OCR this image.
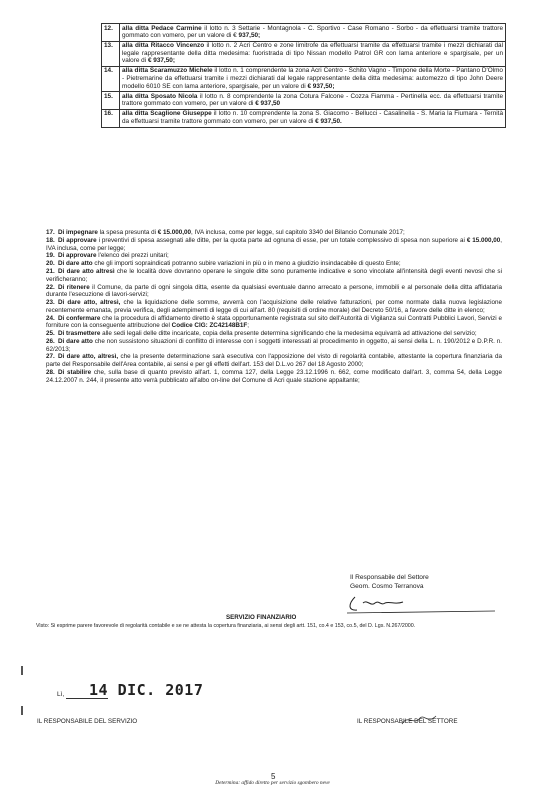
12.	alla ditta Pedace Carmine il lotto n. 3 Settarie - Montagnola - C. Sportivo - Case Romano - Sorbo - da effettuarsi tramite trattore gommato con vomero, per un valore di € 937,50;
13.	alla ditta Ritacco Vincenzo il lotto n. 2 Acri Centro e zone limitrofe da effettuarsi tramite da effettuarsi tramite i mezzi dichiarati dal legale rappresentante della ditta medesima: fuoristrada di tipo Nissan modello Patrol GR con lama anteriore e spargisale, per un valore di € 937,50;
14.	alla ditta Scaramuzzo Michele il lotto n. 1 comprendente la zona Acri Centro - Schito Vagno - Timpone della Morte - Pantano D'Olmo - Pietremarine da effettuarsi tramite i mezzi dichiarati dal legale rappresentante della ditta medesima: automezzo di tipo John Deere modello 6010 SE con lama anteriore, spargisale, per un valore di € 937,50;
15.	alla ditta Sposato Nicola il lotto n. 8 comprendente la zona Cotura Falcone - Cozza Fiamma - Pertinella ecc. da effettuarsi tramite trattore gommato con vomero, per un valore di € 937,50
16.	alla ditta Scaglione Giuseppe il lotto n. 10 comprendente la zona S. Giacomo - Bellucci - Casalinella - S. Maria la Fiumara - Ternità da effettuarsi tramite trattore gommato con vomero, per un valore di € 937,50.
17. Di impegnare la spesa presunta di € 15.000,00, IVA inclusa, come per legge, sul capitolo 3340 del Bilancio Comunale 2017;
18. Di approvare i preventivi di spesa assegnati alle ditte, per la quota parte ad ognuna di esse, per un totale complessivo di spesa non superiore ai € 15.000,00, IVA inclusa, come per legge;
19. Di approvare l'elenco dei prezzi unitari;
20. Di dare atto che gli importi sopraindicati potranno subire variazioni in più o in meno a giudizio insindacabile di questo Ente;
21. Di dare atto altresì che le località dove dovranno operare le singole ditte sono puramente indicative e sono vincolate all'intensità degli eventi nevosi che si verificheranno;
22. Di ritenere il Comune, da parte di ogni singola ditta, esente da qualsiasi eventuale danno arrecato a persone, immobili e al personale della ditta affidataria durante l'esecuzione di lavori-servizi;
23. Di dare atto, altresì, che la liquidazione delle somme, avverrà con l'acquisizione delle relative fatturazioni, per come normate dalla nuova legislazione recentemente emanata, previa verifica, degli adempimenti di legge di cui all'art. 80 (requisiti di ordine morale) del Decreto 50/16, a favore delle ditte in elenco;
24. Di confermare che la procedura di affidamento diretto è stata opportunamente registrata sul sito dell'Autorità di Vigilanza sui Contratti Pubblici Lavori, Servizi e forniture con la conseguente attribuzione del Codice CIG: ZC42148B1F;
25. Di trasmettere alle sedi legali delle ditte incaricate, copia della presente determina significando che la medesima equivarrà ad attivazione del servizio;
26. Di dare atto che non sussistono situazioni di conflitto di interesse con i soggetti interessati al procedimento in oggetto, ai sensi della L. n. 190/2012 e D.P.R. n. 62/2013;
27. Di dare atto, altresì, che la presente determinazione sarà esecutiva con l'apposizione del visto di regolarità contabile, attestante la copertura finanziaria da parte del Responsabile dell'Area contabile, ai sensi e per gli effetti dell'art. 153 del D.L.vo 267 del 18 Agosto 2000;
28. Di stabilire che, sulla base di quanto previsto all'art. 1, comma 127, della Legge 23.12.1996 n. 662, come modificato dall'art. 3, comma 54, della Legge 24.12.2007 n. 244, il presente atto verrà pubblicato all'albo on-line del Comune di Acri quale stazione appaltante;
Il Responsabile del Settore
Geom. Cosmo Terranova
SERVIZIO FINANZIARIO
Visto: Si esprime parere favorevole di regolarità contabile e se ne attesta la copertura finanziaria, ai sensi degli artt. 151, co.4 e 153, co.5, del D. Lgs. N.267/2000.
14 DIC. 2017
Lì,
IL RESPONSABILE DEL SERVIZIO	IL RESPONSABILE DEL SETTORE
5
Determina: affido diretto per servizio sgombero neve
